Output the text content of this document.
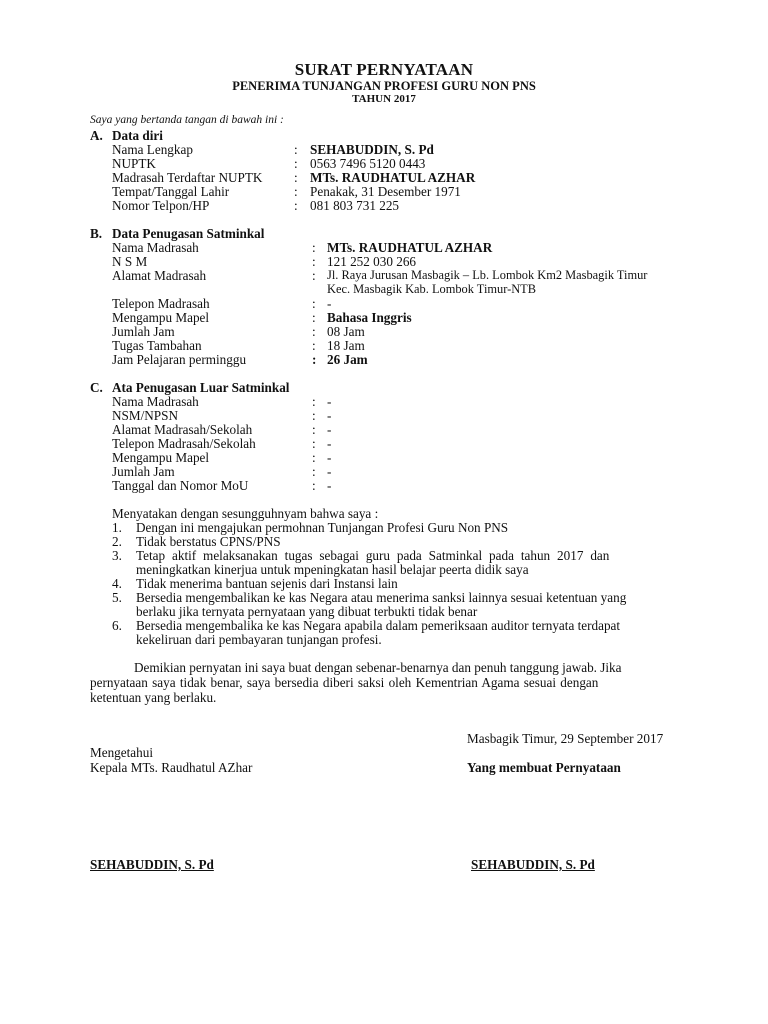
SURAT PERNYATAAN
PENERIMA TUNJANGAN PROFESI GURU NON PNS
TAHUN 2017
Saya yang bertanda tangan di bawah ini :
A. Data diri
Nama Lengkap	: SEHABUDDIN, S. Pd
NUPTK	: 0563 7496 5120 0443
Madrasah Terdaftar NUPTK : MTs. RAUDHATUL AZHAR
Tempat/Tanggal Lahir	: Penakak, 31 Desember 1971
Nomor Telpon/HP	: 081 803 731 225
B. Data Penugasan Satminkal
Nama Madrasah	: MTs. RAUDHATUL AZHAR
N S M	: 121 252 030 266
Alamat Madrasah	: Jl. Raya Jurusan Masbagik – Lb. Lombok Km2 Masbagik Timur
Kec. Masbagik Kab. Lombok Timur-NTB
Telepon Madrasah	: -
Mengampu Mapel	: Bahasa Inggris
Jumlah Jam	: 08 Jam
Tugas Tambahan	: 18 Jam
Jam Pelajaran perminggu	: 26 Jam
C. Ata Penugasan Luar Satminkal
Nama Madrasah	: -
NSM/NPSN	: -
Alamat Madrasah/Sekolah	: -
Telepon Madrasah/Sekolah	: -
Mengampu Mapel	: -
Jumlah Jam	: -
Tanggal dan Nomor MoU	: -
Menyatakan dengan sesungguhnyam bahwa saya :
1. Dengan ini mengajukan permohnan Tunjangan Profesi Guru Non PNS
2. Tidak berstatus CPNS/PNS
3. Tetap aktif melaksanakan tugas sebagai guru pada Satminkal pada tahun 2017 dan
meningkatkan kinerjua untuk mpeningkatan hasil belajar peerta didik saya
4. Tidak menerima bantuan sejenis dari Instansi lain
5. Bersedia mengembalikan ke kas Negara atau menerima sanksi lainnya sesuai ketentuan yang
berlaku jika ternyata pernyataan yang dibuat terbukti tidak benar
6. Bersedia mengembalika ke kas Negara apabila dalam pemeriksaan auditor ternyata terdapat
kekeliruan dari pembayaran tunjangan profesi.
Demikian pernyatan ini saya buat dengan sebenar-benarnya dan penuh tanggung jawab. Jika
pernyataan saya tidak benar, saya bersedia diberi saksi oleh Kementrian Agama sesuai dengan
ketentuan yang berlaku.
Masbagik Timur, 29 September 2017
Mengetahui
Kepala MTs. Raudhatul AZhar	Yang membuat Pernyataan
SEHABUDDIN, S. Pd	SEHABUDDIN, S. Pd
